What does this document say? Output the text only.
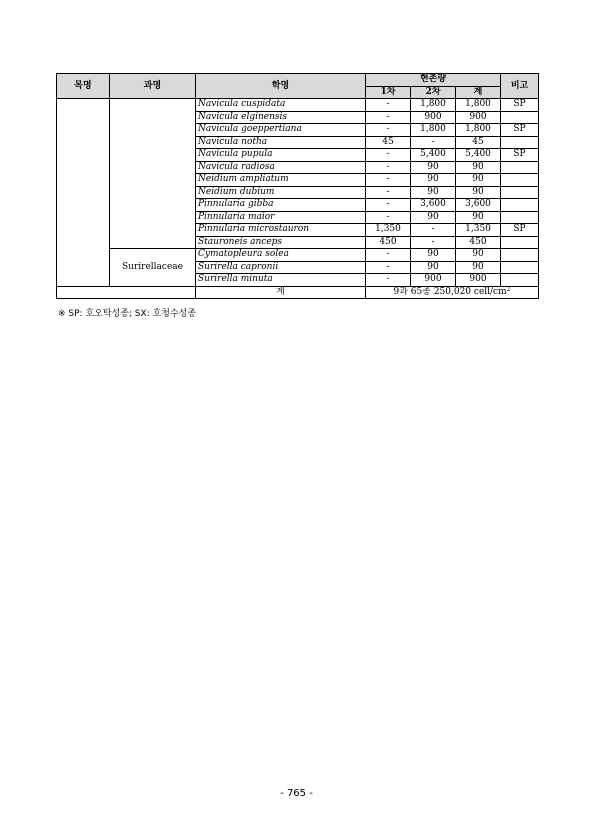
목명	과명	학명	현존량			비고
			1차	2차	계	
		Navicula cuspidata	-	1,800	1,800	SP
		Navicula elginensis	-	900	900	
		Navicula goeppertiana	-	1,800	1,800	SP
		Navicula notha	45	-	45	
		Navicula pupula	-	5,400	5,400	SP
		Navicula radiosa	-	90	90	
		Neidium ampliatum	-	90	90	
		Neidium dubium	-	90	90	
		Pinnularia gibba	-	3,600	3,600	
		Pinnularia maior	-	90	90	
		Pinnularia microstauron	1,350	-	1,350	SP
		Stauroneis anceps	450	-	450	
	Surirellaceae	Cymatopleura solea	-	90	90	
		Surirella capronii	-	90	90	
		Surirella minuta	-	900	900	
		계	9과 65종 250,020 cell/$cm^2$
※ SP: 호오탁성종; SX: 호청수성종
- 765 -
